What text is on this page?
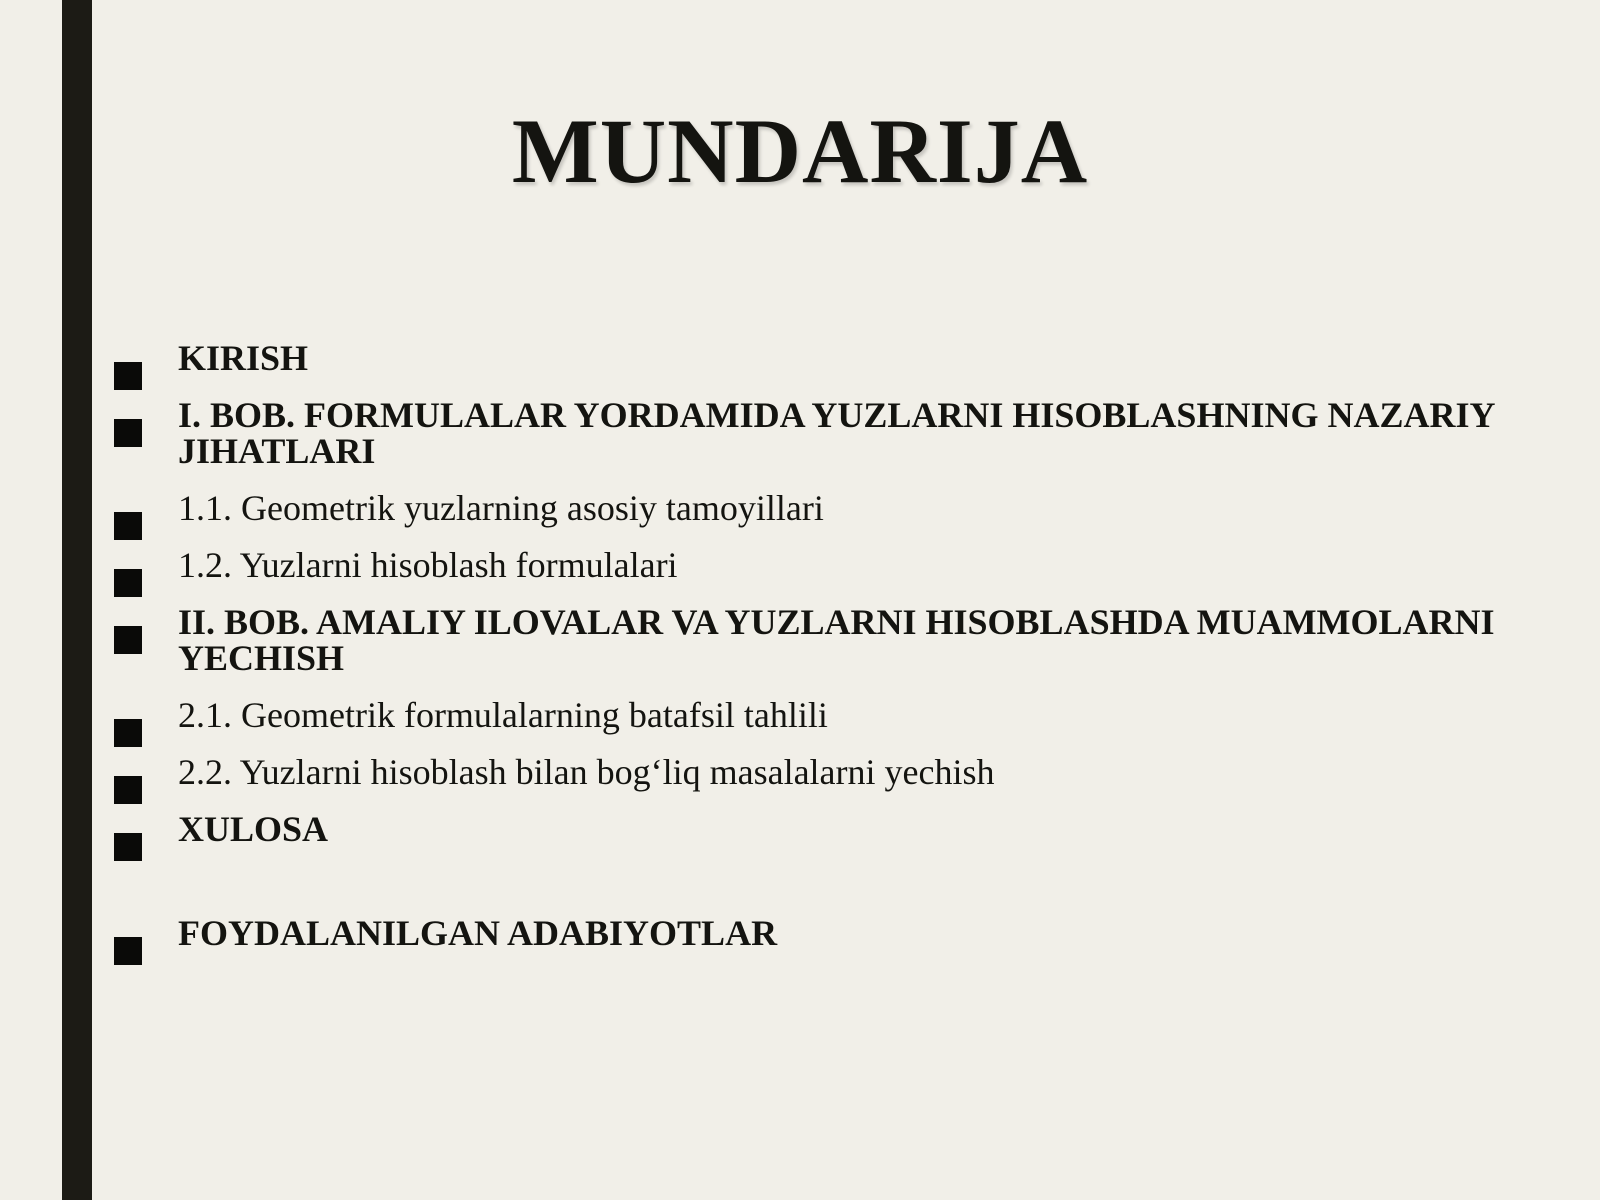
MUNDARIJA
KIRISH
I. BOB. FORMULALAR YORDAMIDA YUZLARNI HISOBLASHNING NAZARIY JIHATLARI
1.1. Geometrik yuzlarning asosiy tamoyillari
1.2. Yuzlarni hisoblash formulalari
II. BOB. AMALIY ILOVALAR VA YUZLARNI HISOBLASHDA MUAMMOLARNI YECHISH
2.1. Geometrik formulalarning batafsil tahlili
2.2. Yuzlarni hisoblash bilan bog‘liq masalalarni yechish
XULOSA
FOYDALANILGAN ADABIYOTLAR
